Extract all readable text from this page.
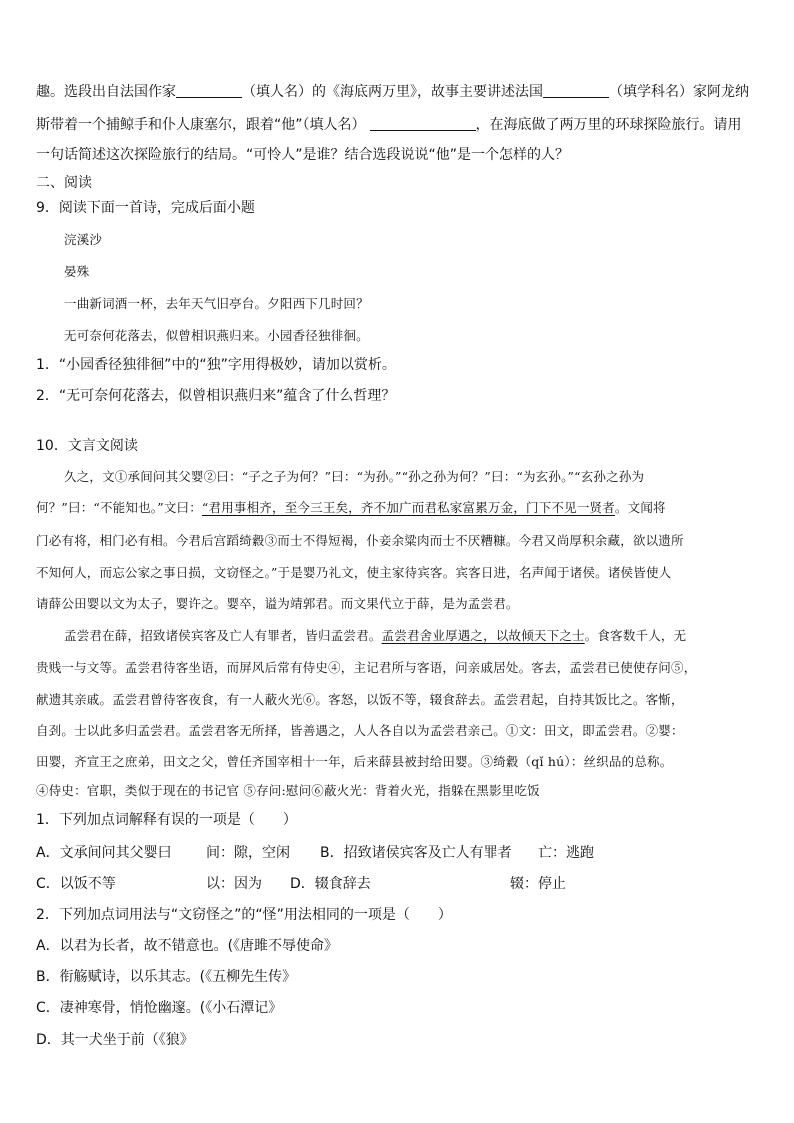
趣。选段出自法国作家	（填人名）的《海底两万里》，故事主要讲述法国	（填学科名）家阿龙纳
斯带着一个捕鲸手和仆人康塞尔，跟着“他”（填人名）	，在海底做了两万里的环球探险旅行。请用
一句话简述这次探险旅行的结局。“可怜人”是谁？结合选段说说“他”是一个怎样的人？
二、阅读
9．阅读下面一首诗，完成后面小题
浣溪沙
晏殊
一曲新词酒一杯，去年天气旧亭台。夕阳西下几时回？
无可奈何花落去，似曾相识燕归来。小园香径独徘徊。
1．“小园香径独徘徊”中的“独”字用得极妙，请加以赏析。
2．“无可奈何花落去，似曾相识燕归来”蕴含了什么哲理？
10．文言文阅读
久之，文①承间问其父婴②曰：“子之子为何？”曰：“为孙。”“孙之孙为何？”曰：“为玄孙。”“玄孙之孙为
何？”曰：“不能知也。”文曰：“君用事相齐，至今三王矣，齐不加广而君私家富累万金，门下不见一贤者。文闻将
门必有将，相门必有相。今君后宫蹈绮縠③而士不得短褐，仆妾余粱肉而士不厌糟糠。今君又尚厚积余藏，欲以遗所
不知何人，而忘公家之事日损，文窃怪之。”于是婴乃礼文，使主家待宾客。宾客日进，名声闻于诸侯。诸侯皆使人
请薛公田婴以文为太子，婴许之。婴卒，谥为靖郭君。而文果代立于薛，是为孟尝君。
孟尝君在薛，招致诸侯宾客及亡人有罪者，皆归孟尝君。孟尝君舍业厚遇之，以故倾天下之士。食客数千人，无
贵贱一与文等。孟尝君待客坐语，而屏风后常有侍史④，主记君所与客语，问亲戚居处。客去，孟尝君已使使存问⑤，
献遗其亲戚。孟尝君曾待客夜食，有一人蔽火光⑥。客怒，以饭不等，辍食辞去。孟尝君起，自持其饭比之。客惭，
自刭。士以此多归孟尝君。孟尝君客无所择，皆善遇之，人人各自以为孟尝君亲己。①文：田文，即孟尝君。②婴：
田婴，齐宣王之庶弟，田文之父，曾任齐国宰相十一年，后来薛县被封给田婴。③绮縠（qǐ hú）：丝织品的总称。
④侍史：官职，类似于现在的书记官 ⑤存问:慰问⑥蔽火光：背着火光，指躲在黑影里吃饭
1．下列加点词解释有误的一项是（　　）
A．文承间问其父婴曰 间：隙，空闲 B．招致诸侯宾客及亡人有罪者 亡：逃跑
C．以饭不等	以：因为 D．辍食辞去	辍：停止
2．下列加点词用法与“文窃怪之”的“怪”用法相同的一项是（　　）
A．以君为长者，故不错意也。(《唐雎不辱使命》
B．衔觞赋诗，以乐其志。(《五柳先生传》
C．凄神寒骨，悄怆幽邃。(《小石潭记》
D．其一犬坐于前（《狼》
